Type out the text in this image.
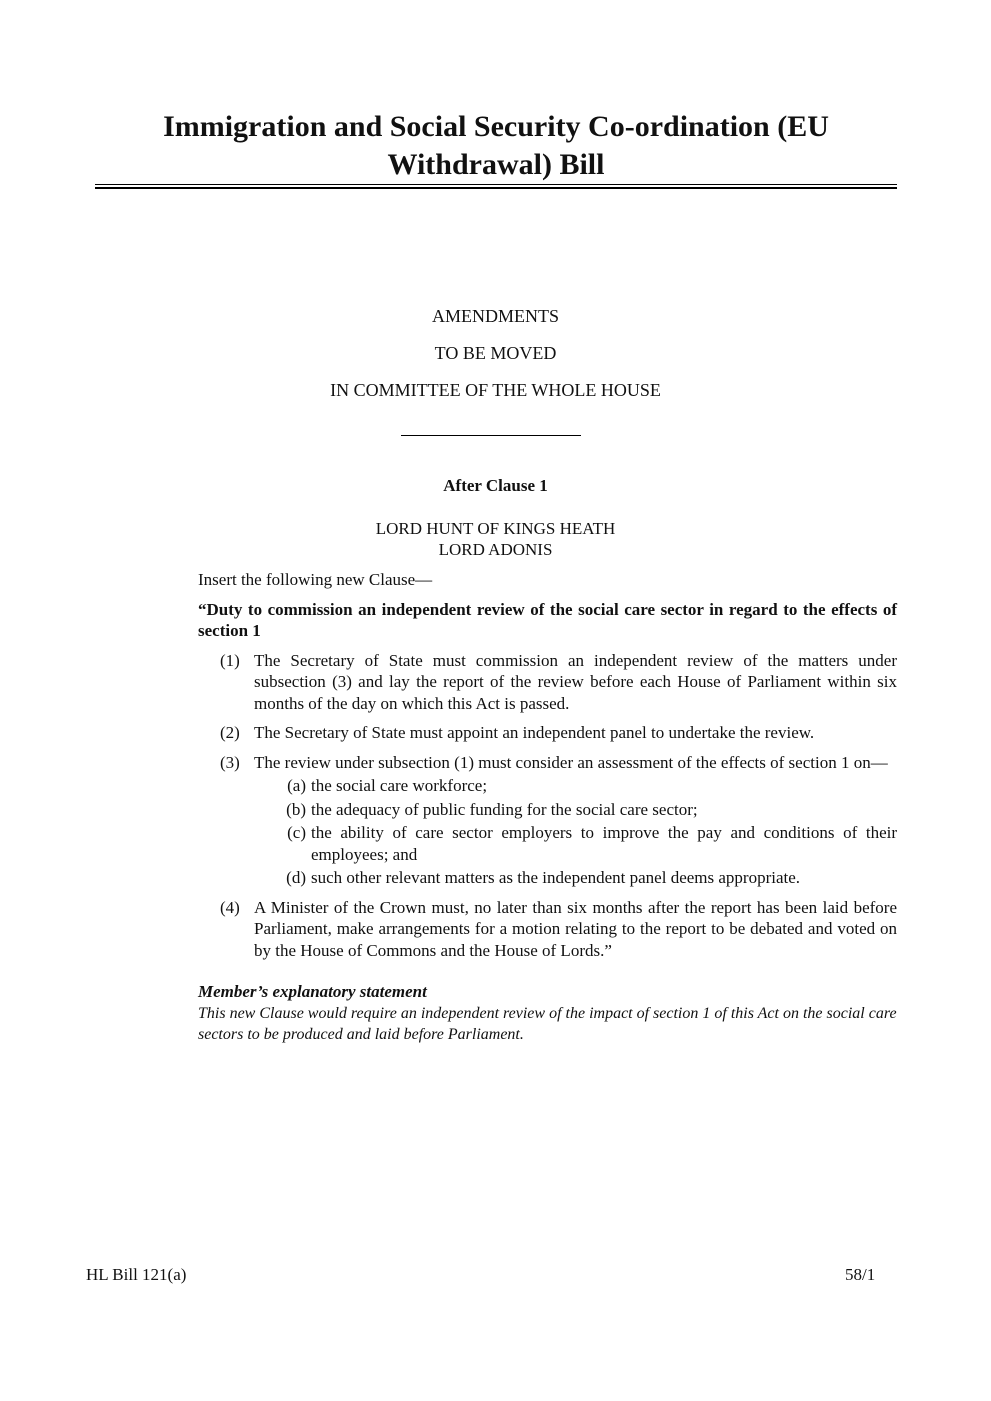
Immigration and Social Security Co-ordination (EU
Withdrawal) Bill
AMENDMENTS
TO BE MOVED
IN COMMITTEE OF THE WHOLE HOUSE
After Clause 1
LORD HUNT OF KINGS HEATH
LORD ADONIS
Insert the following new Clause—
“Duty to commission an independent review of the social care sector in regard to the effects of section 1
(1) The Secretary of State must commission an independent review of the matters under subsection (3) and lay the report of the review before each House of Parliament within six months of the day on which this Act is passed.
(2) The Secretary of State must appoint an independent panel to undertake the review.
(3) The review under subsection (1) must consider an assessment of the effects of section 1 on—
(a) the social care workforce;
(b) the adequacy of public funding for the social care sector;
(c) the ability of care sector employers to improve the pay and conditions of their employees; and
(d) such other relevant matters as the independent panel deems appropriate.
(4) A Minister of the Crown must, no later than six months after the report has been laid before Parliament, make arrangements for a motion relating to the report to be debated and voted on by the House of Commons and the House of Lords.”
Member’s explanatory statement
This new Clause would require an independent review of the impact of section 1 of this Act on the social care sectors to be produced and laid before Parliament.
HL Bill 121(a)	58/1
